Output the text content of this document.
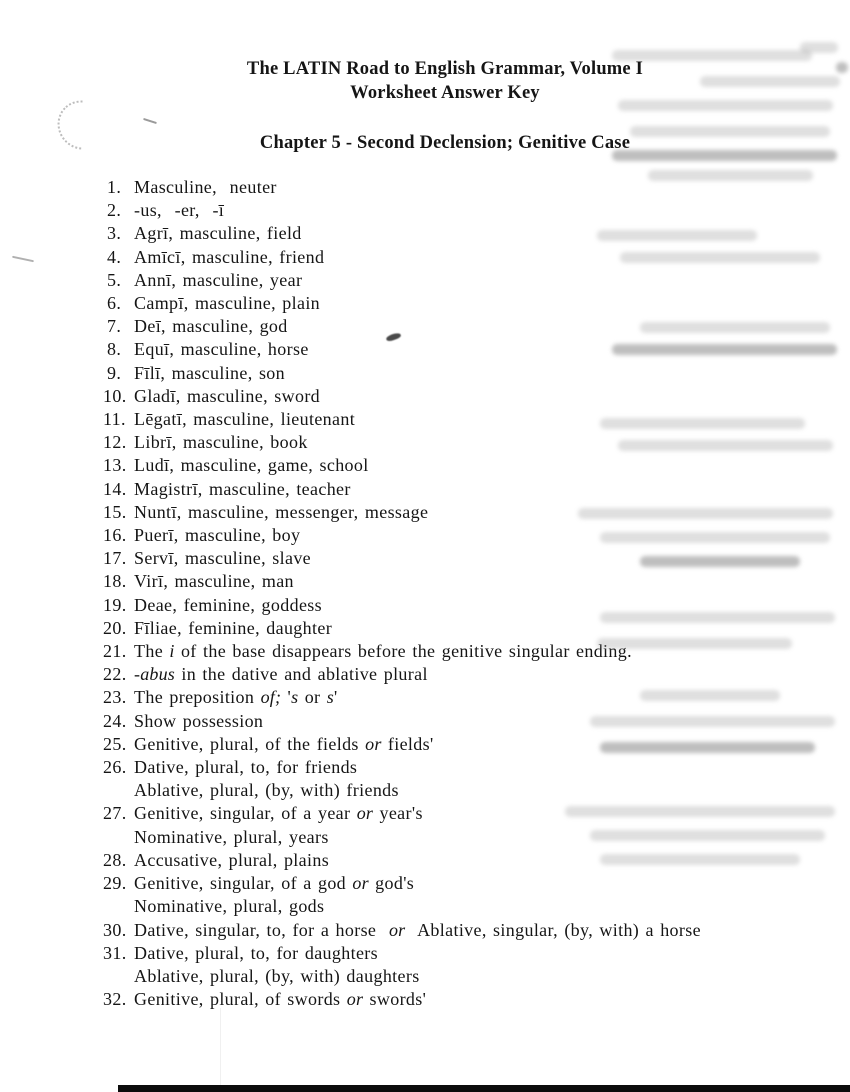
The LATIN Road to English Grammar, Volume I
Worksheet Answer Key
Chapter 5 - Second Declension; Genitive Case
1. Masculine,  neuter
2. -us,  -er,  -ī
3. Agrī, masculine, field
4. Amīcī, masculine, friend
5. Annī, masculine, year
6. Campī, masculine, plain
7. Deī, masculine, god
8. Equī, masculine, horse
9. Fīlī, masculine, son
10. Gladī, masculine, sword
11. Lēgatī, masculine, lieutenant
12. Librī, masculine, book
13. Ludī, masculine, game, school
14. Magistrī, masculine, teacher
15. Nuntī, masculine, messenger, message
16. Puerī, masculine, boy
17. Servī, masculine, slave
18. Virī, masculine, man
19. Deae, feminine, goddess
20. Fīliae, feminine, daughter
21. The i of the base disappears before the genitive singular ending.
22. -abus in the dative and ablative plural
23. The preposition of; 's or s'
24. Show possession
25. Genitive, plural, of the fields or fields'
26. Dative, plural, to, for friends
Ablative, plural, (by, with) friends
27. Genitive, singular, of a year or year's
Nominative, plural, years
28. Accusative, plural, plains
29. Genitive, singular, of a god or god's
Nominative, plural, gods
30. Dative, singular, to, for a horse  or  Ablative, singular, (by, with) a horse
31. Dative, plural, to, for daughters
Ablative, plural, (by, with) daughters
32. Genitive, plural, of swords or swords'
